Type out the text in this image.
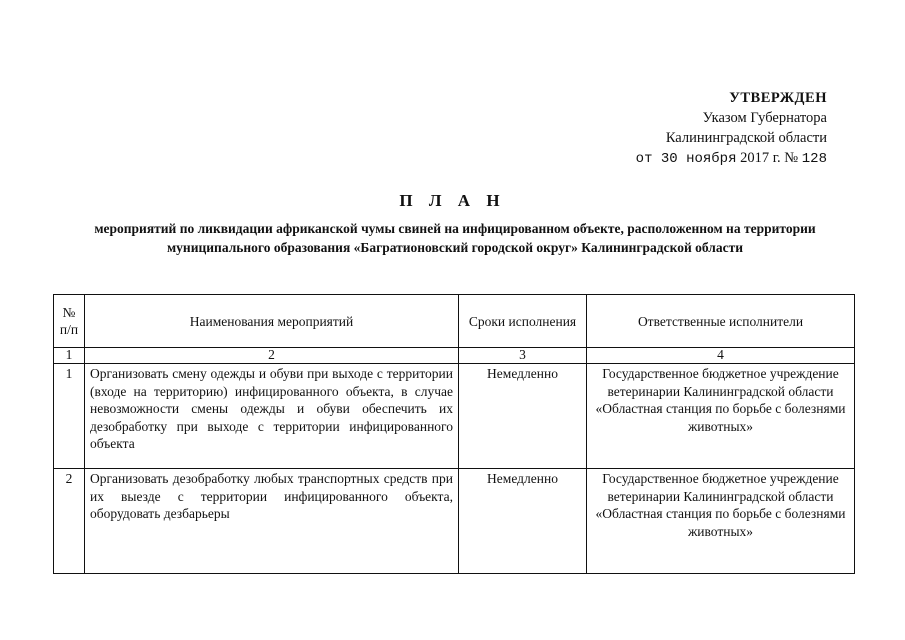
УТВЕРЖДЕН
Указом Губернатора
Калининградской области
от 30 ноября 2017 г. № 128
П Л А Н
мероприятий по ликвидации африканской чумы свиней на инфицированном объекте, расположенном на территории муниципального образования «Багратионовский городской округ» Калининградской области
№ п/п	Наименования мероприятий	Сроки исполнения	Ответственные исполнители
1	2	3	4
1	Организовать смену одежды и обуви при выходе с территории (входе на территорию) инфицированного объекта, в случае невозможности смены одежды и обуви обеспечить их дезобработку при выходе с территории инфицированного объекта	Немедленно	Государственное бюджетное учреждение ветеринарии Калининградской области «Областная станция по борьбе с болезнями животных»
2	Организовать дезобработку любых транспортных средств при их выезде с территории инфицированного объекта, оборудовать дезбарьеры	Немедленно	Государственное бюджетное учреждение ветеринарии Калининградской области «Областная станция по борьбе с болезнями животных»
